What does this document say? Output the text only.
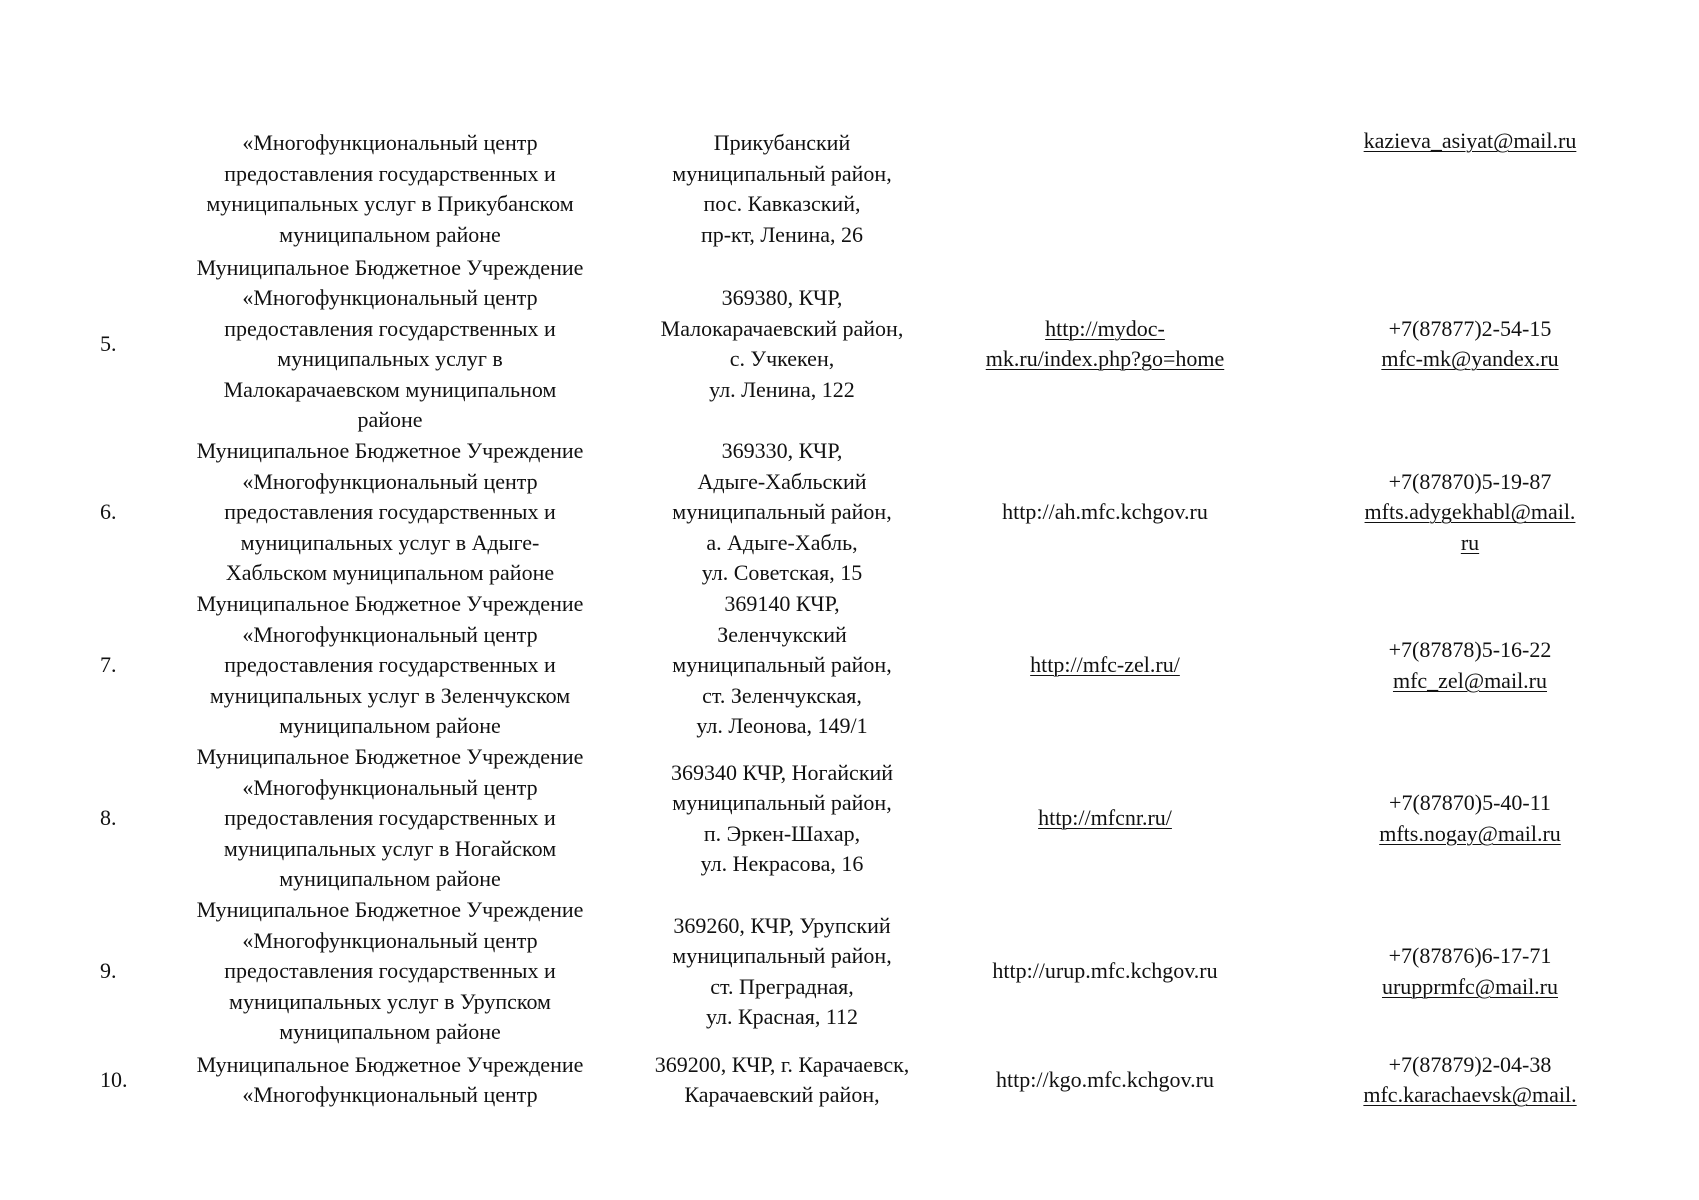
«Многофункциональный центр
предоставления государственных и
муниципальных услуг в Прикубанском
муниципальном районе
Прикубанский
муниципальный район,
пос. Кавказский,
пр-кт, Ленина, 26
kazieva_asiyat@mail.ru
5.
Муниципальное Бюджетное Учреждение
«Многофункциональный центр
предоставления государственных и
муниципальных услуг в
Малокарачаевском муниципальном
районе
369380, КЧР,
Малокарачаевский район,
с. Учкекен,
ул. Ленина, 122
http://mydoc-
mk.ru/index.php?go=home
+7(87877)2-54-15
mfc-mk@yandex.ru
6.
Муниципальное Бюджетное Учреждение
«Многофункциональный центр
предоставления государственных и
муниципальных услуг в Адыге-
Хабльском муниципальном районе
369330, КЧР,
Адыге-Хабльский
муниципальный район,
а. Адыге-Хабль,
ул. Советская, 15
http://ah.mfc.kchgov.ru
+7(87870)5-19-87
mfts.adygekhabl@mail.
ru
7.
Муниципальное Бюджетное Учреждение
«Многофункциональный центр
предоставления государственных и
муниципальных услуг в Зеленчукском
муниципальном районе
369140 КЧР,
Зеленчукский
муниципальный район,
ст. Зеленчукская,
ул. Леонова, 149/1
http://mfc-zel.ru/
+7(87878)5-16-22
mfc_zel@mail.ru
8.
Муниципальное Бюджетное Учреждение
«Многофункциональный центр
предоставления государственных и
муниципальных услуг в Ногайском
муниципальном районе
369340 КЧР, Ногайский
муниципальный район,
п. Эркен-Шахар,
ул. Некрасова, 16
http://mfcnr.ru/
+7(87870)5-40-11
mfts.nogay@mail.ru
9.
Муниципальное Бюджетное Учреждение
«Многофункциональный центр
предоставления государственных и
муниципальных услуг в Урупском
муниципальном районе
369260, КЧР, Урупский
муниципальный район,
ст. Преградная,
ул. Красная, 112
http://urup.mfc.kchgov.ru
+7(87876)6-17-71
urupprmfc@mail.ru
10.
Муниципальное Бюджетное Учреждение
«Многофункциональный центр
369200, КЧР, г. Карачаевск,
Карачаевский район,
http://kgo.mfc.kchgov.ru
+7(87879)2-04-38
mfc.karachaevsk@mail.
